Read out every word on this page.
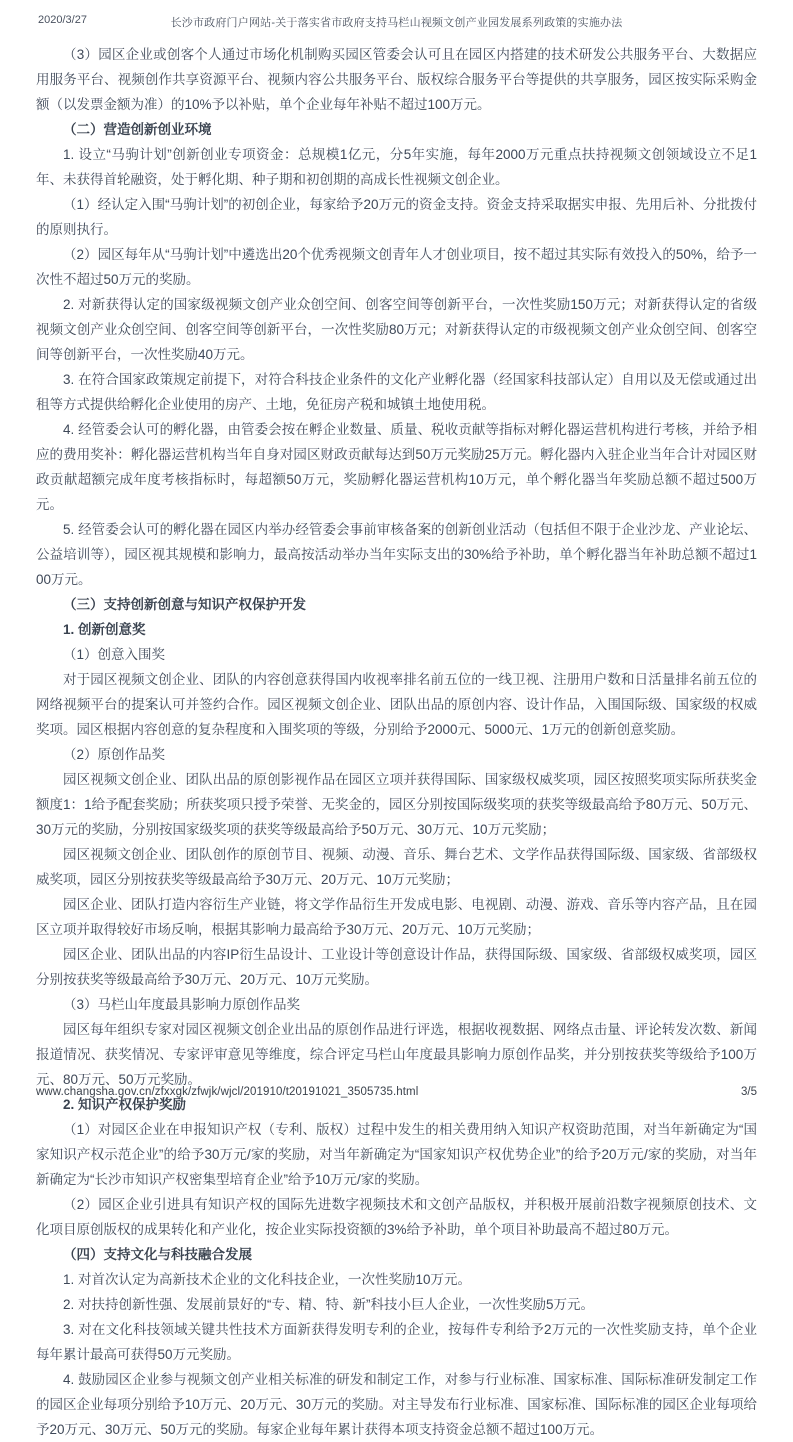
2020/3/27	长沙市政府门户网站-关于落实省市政府支持马栏山视频文创产业园发展系列政策的实施办法

（3）园区企业或创客个人通过市场化机制购买园区管委会认可且在园区内搭建的技术研发公共服务平台、大数据应用服务平台、视频创作共享资源平台、视频内容公共服务平台、版权综合服务平台等提供的共享服务，园区按实际采购金额（以发票金额为准）的10%予以补贴，单个企业每年补贴不超过100万元。

（二）营造创新创业环境

1. 设立“马驹计划”创新创业专项资金：总规模1亿元，分5年实施，每年2000万元重点扶持视频文创领域设立不足1年、未获得首轮融资，处于孵化期、种子期和初创期的高成长性视频文创企业。

（1）经认定入围“马驹计划”的初创企业，每家给予20万元的资金支持。资金支持采取据实申报、先用后补、分批拨付的原则执行。

（2）园区每年从“马驹计划”中遴选出20个优秀视频文创青年人才创业项目，按不超过其实际有效投入的50%，给予一次性不超过50万元的奖励。

2. 对新获得认定的国家级视频文创产业众创空间、创客空间等创新平台，一次性奖励150万元；对新获得认定的省级视频文创产业众创空间、创客空间等创新平台，一次性奖励80万元；对新获得认定的市级视频文创产业众创空间、创客空间等创新平台，一次性奖励40万元。

3. 在符合国家政策规定前提下，对符合科技企业条件的文化产业孵化器（经国家科技部认定）自用以及无偿或通过出租等方式提供给孵化企业使用的房产、土地，免征房产税和城镇土地使用税。

4. 经管委会认可的孵化器，由管委会按在孵企业数量、质量、税收贡献等指标对孵化器运营机构进行考核，并给予相应的费用奖补：孵化器运营机构当年自身对园区财政贡献每达到50万元奖励25万元。孵化器内入驻企业当年合计对园区财政贡献超额完成年度考核指标时，每超额50万元，奖励孵化器运营机构10万元，单个孵化器当年奖励总额不超过500万元。

5. 经管委会认可的孵化器在园区内举办经管委会事前审核备案的创新创业活动（包括但不限于企业沙龙、产业论坛、公益培训等），园区视其规模和影响力，最高按活动举办当年实际支出的30%给予补助，单个孵化器当年补助总额不超过100万元。

（三）支持创新创意与知识产权保护开发

1. 创新创意奖

（1）创意入围奖

对于园区视频文创企业、团队的内容创意获得国内收视率排名前五位的一线卫视、注册用户数和日活量排名前五位的网络视频平台的提案认可并签约合作。园区视频文创企业、团队出品的原创内容、设计作品，入围国际级、国家级的权威奖项。园区根据内容创意的复杂程度和入围奖项的等级，分别给予2000元、5000元、1万元的创新创意奖励。

（2）原创作品奖

园区视频文创企业、团队出品的原创影视作品在园区立项并获得国际、国家级权威奖项，园区按照奖项实际所获奖金额度1：1给予配套奖励；所获奖项只授予荣誉、无奖金的，园区分别按国际级奖项的获奖等级最高给予80万元、50万元、30万元的奖励，分别按国家级奖项的获奖等级最高给予50万元、30万元、10万元奖励；

园区视频文创企业、团队创作的原创节目、视频、动漫、音乐、舞台艺术、文学作品获得国际级、国家级、省部级权威奖项，园区分别按获奖等级最高给予30万元、20万元、10万元奖励；

园区企业、团队打造内容衍生产业链，将文学作品衍生开发成电影、电视剧、动漫、游戏、音乐等内容产品，且在园区立项并取得较好市场反响，根据其影响力最高给予30万元、20万元、10万元奖励；

园区企业、团队出品的内容IP衍生品设计、工业设计等创意设计作品，获得国际级、国家级、省部级权威奖项，园区分别按获奖等级最高给予30万元、20万元、10万元奖励。

（3）马栏山年度最具影响力原创作品奖

园区每年组织专家对园区视频文创企业出品的原创作品进行评选，根据收视数据、网络点击量、评论转发次数、新闻报道情况、获奖情况、专家评审意见等维度，综合评定马栏山年度最具影响力原创作品奖，并分别按获奖等级给予100万元、80万元、50万元奖励。

2. 知识产权保护奖励

（1）对园区企业在申报知识产权（专利、版权）过程中发生的相关费用纳入知识产权资助范围，对当年新确定为“国家知识产权示范企业”的给予30万元/家的奖励，对当年新确定为“国家知识产权优势企业”的给予20万元/家的奖励，对当年新确定为“长沙市知识产权密集型培育企业”给予10万元/家的奖励。

（2）园区企业引进具有知识产权的国际先进数字视频技术和文创产品版权，并积极开展前沿数字视频原创技术、文化项目原创版权的成果转化和产业化，按企业实际投资额的3%给予补助，单个项目补助最高不超过80万元。

（四）支持文化与科技融合发展

1. 对首次认定为高新技术企业的文化科技企业，一次性奖励10万元。

2. 对扶持创新性强、发展前景好的“专、精、特、新”科技小巨人企业，一次性奖励5万元。

3. 对在文化科技领域关键共性技术方面新获得发明专利的企业，按每件专利给予2万元的一次性奖励支持，单个企业每年累计最高可获得50万元奖励。

4. 鼓励园区企业参与视频文创产业相关标准的研发和制定工作，对参与行业标准、国家标准、国际标准研发制定工作的园区企业每项分别给予10万元、20万元、30万元的奖励。对主导发布行业标准、国家标准、国际标准的园区企业每项给予20万元、30万元、50万元的奖励。每家企业每年累计获得本项支持资金总额不超过100万元。

www.changsha.gov.cn/zfxxgk/zfwjk/wjcl/201910/t20191021_3505735.html	3/5
